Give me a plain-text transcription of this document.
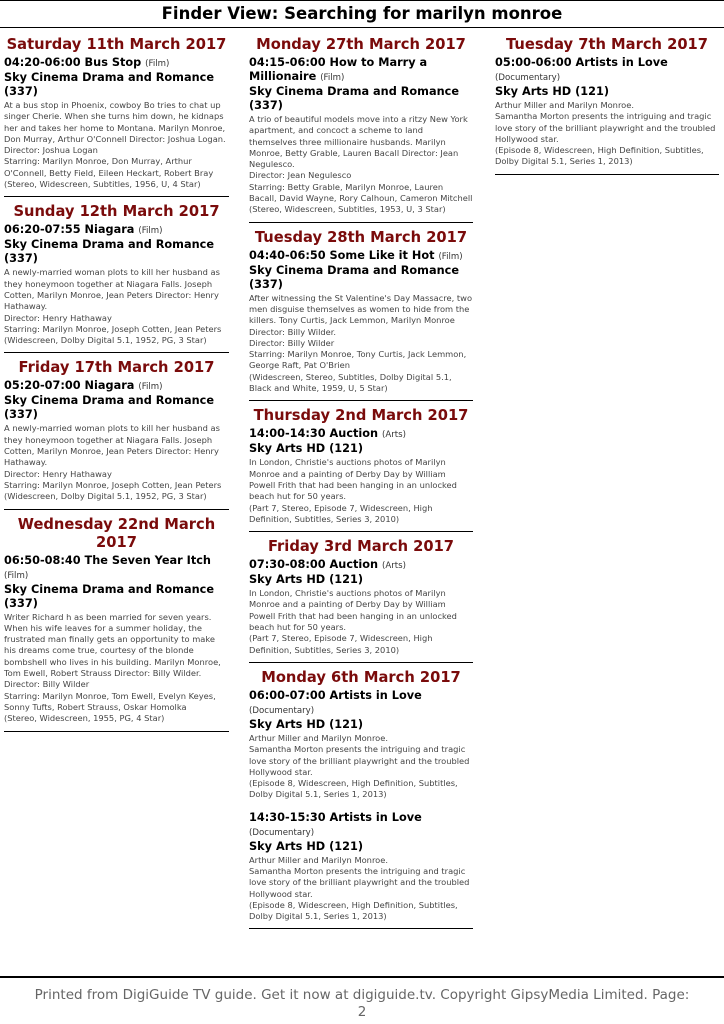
Finder View: Searching for marilyn monroe
Saturday 11th March 2017
04:20-06:00 Bus Stop (Film)
Sky Cinema Drama and Romance (337)
At a bus stop in Phoenix, cowboy Bo tries to chat up singer Cherie. When she turns him down, he kidnaps her and takes her home to Montana. Marilyn Monroe, Don Murray, Arthur O'Connell Director: Joshua Logan.
Director: Joshua Logan
Starring: Marilyn Monroe, Don Murray, Arthur O'Connell, Betty Field, Eileen Heckart, Robert Bray
(Stereo, Widescreen, Subtitles, 1956, U, 4 Star)
Sunday 12th March 2017
06:20-07:55 Niagara (Film)
Sky Cinema Drama and Romance (337)
A newly-married woman plots to kill her husband as they honeymoon together at Niagara Falls. Joseph Cotten, Marilyn Monroe, Jean Peters Director: Henry Hathaway.
Director: Henry Hathaway
Starring: Marilyn Monroe, Joseph Cotten, Jean Peters
(Widescreen, Dolby Digital 5.1, 1952, PG, 3 Star)
Friday 17th March 2017
05:20-07:00 Niagara (Film)
Sky Cinema Drama and Romance (337)
A newly-married woman plots to kill her husband as they honeymoon together at Niagara Falls. Joseph Cotten, Marilyn Monroe, Jean Peters Director: Henry Hathaway.
Director: Henry Hathaway
Starring: Marilyn Monroe, Joseph Cotten, Jean Peters
(Widescreen, Dolby Digital 5.1, 1952, PG, 3 Star)
Wednesday 22nd March 2017
06:50-08:40 The Seven Year Itch (Film)
Sky Cinema Drama and Romance (337)
Writer Richard h as been married for seven years. When his wife leaves for a summer holiday, the frustrated man finally gets an opportunity to make his dreams come true, courtesy of the blonde bombshell who lives in his building. Marilyn Monroe, Tom Ewell, Robert Strauss Director: Billy Wilder.
Director: Billy Wilder
Starring: Marilyn Monroe, Tom Ewell, Evelyn Keyes, Sonny Tufts, Robert Strauss, Oskar Homolka
(Stereo, Widescreen, 1955, PG, 4 Star)
Monday 27th March 2017
04:15-06:00 How to Marry a Millionaire (Film)
Sky Cinema Drama and Romance (337)
A trio of beautiful models move into a ritzy New York apartment, and concoct a scheme to land themselves three millionaire husbands. Marilyn Monroe, Betty Grable, Lauren Bacall Director: Jean Negulesco.
Director: Jean Negulesco
Starring: Betty Grable, Marilyn Monroe, Lauren Bacall, David Wayne, Rory Calhoun, Cameron Mitchell
(Stereo, Widescreen, Subtitles, 1953, U, 3 Star)
Tuesday 28th March 2017
04:40-06:50 Some Like it Hot (Film)
Sky Cinema Drama and Romance (337)
After witnessing the St Valentine's Day Massacre, two men disguise themselves as women to hide from the killers. Tony Curtis, Jack Lemmon, Marilyn Monroe Director: Billy Wilder.
Director: Billy Wilder
Starring: Marilyn Monroe, Tony Curtis, Jack Lemmon, George Raft, Pat O'Brien
(Widescreen, Stereo, Subtitles, Dolby Digital 5.1, Black and White, 1959, U, 5 Star)
Thursday 2nd March 2017
14:00-14:30 Auction (Arts)
Sky Arts HD (121)
In London, Christie's auctions photos of Marilyn Monroe and a painting of Derby Day by William Powell Frith that had been hanging in an unlocked beach hut for 50 years.
(Part 7, Stereo, Episode 7, Widescreen, High Definition, Subtitles, Series 3, 2010)
Friday 3rd March 2017
07:30-08:00 Auction (Arts)
Sky Arts HD (121)
In London, Christie's auctions photos of Marilyn Monroe and a painting of Derby Day by William Powell Frith that had been hanging in an unlocked beach hut for 50 years.
(Part 7, Stereo, Episode 7, Widescreen, High Definition, Subtitles, Series 3, 2010)
Monday 6th March 2017
06:00-07:00 Artists in Love (Documentary)
Sky Arts HD (121)
Arthur Miller and Marilyn Monroe.
Samantha Morton presents the intriguing and tragic love story of the brilliant playwright and the troubled Hollywood star.
(Episode 8, Widescreen, High Definition, Subtitles, Dolby Digital 5.1, Series 1, 2013)
14:30-15:30 Artists in Love (Documentary)
Sky Arts HD (121)
Arthur Miller and Marilyn Monroe.
Samantha Morton presents the intriguing and tragic love story of the brilliant playwright and the troubled Hollywood star.
(Episode 8, Widescreen, High Definition, Subtitles, Dolby Digital 5.1, Series 1, 2013)
Tuesday 7th March 2017
05:00-06:00 Artists in Love (Documentary)
Sky Arts HD (121)
Arthur Miller and Marilyn Monroe.
Samantha Morton presents the intriguing and tragic love story of the brilliant playwright and the troubled Hollywood star.
(Episode 8, Widescreen, High Definition, Subtitles, Dolby Digital 5.1, Series 1, 2013)
Printed from DigiGuide TV guide. Get it now at digiguide.tv. Copyright GipsyMedia Limited. Page: 2
